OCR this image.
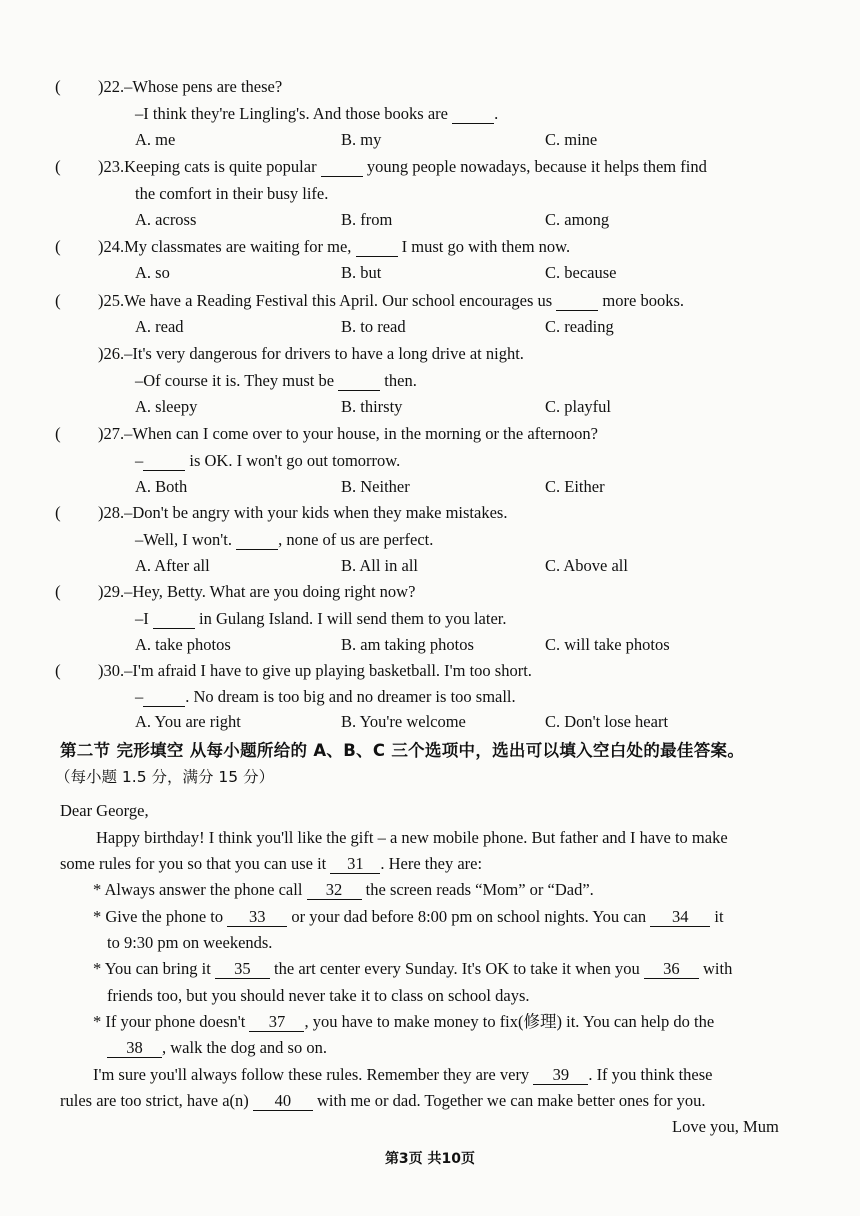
( )22.–Whose pens are these?
–I think they're Lingling's. And those books are	.
A. me	B. my	C. mine
( )23.Keeping cats is quite popular	young people nowadays, because it helps them find
the comfort in their busy life.
A. across	B. from	C. among
( )24.My classmates are waiting for me,	I must go with them now.
A. so	B. but	C. because
( )25.We have a Reading Festival this April. Our school encourages us	more books.
A. read	B. to read	C. reading
)26.–It's very dangerous for drivers to have a long drive at night.
–Of course it is. They must be	then.
A. sleepy	B. thirsty	C. playful
( )27.–When can I come over to your house, in the morning or the afternoon?
–	is OK. I won't go out tomorrow.
A. Both	B. Neither	C. Either
( )28.–Don't be angry with your kids when they make mistakes.
–Well, I won't.	, none of us are perfect.
A. After all	B. All in all	C. Above all
( )29.–Hey, Betty. What are you doing right now?
–I	in Gulang Island. I will send them to you later.
A. take photos	B. am taking photos	C. will take photos
( )30.–I'm afraid I have to give up playing basketball. I'm too short.
–	. No dream is too big and no dreamer is too small.
A. You are right	B. You're welcome	C. Don't lose heart
第二节 完形填空 从每小题所给的 A、B、C 三个选项中，选出可以填入空白处的最佳答案。
（每小题 1.5 分，满分 15 分）
Dear George,
Happy birthday! I think you'll like the gift – a new mobile phone. But father and I have to make
some rules for you so that you can use it 31 . Here they are:
* Always answer the phone call 32 the screen reads “Mom” or “Dad”.
* Give the phone to 33 or your dad before 8:00 pm on school nights. You can 34 it
to 9:30 pm on weekends.
* You can bring it 35 the art center every Sunday. It's OK to take it when you 36 with
friends too, but you should never take it to class on school days.
* If your phone doesn't 37 , you have to make money to fix(修理) it. You can help do the
38 , walk the dog and so on.
I'm sure you'll always follow these rules. Remember they are very 39 . If you think these
rules are too strict, have a(n) 40 with me or dad. Together we can make better ones for you.
Love you, Mum
第3页 共10页
